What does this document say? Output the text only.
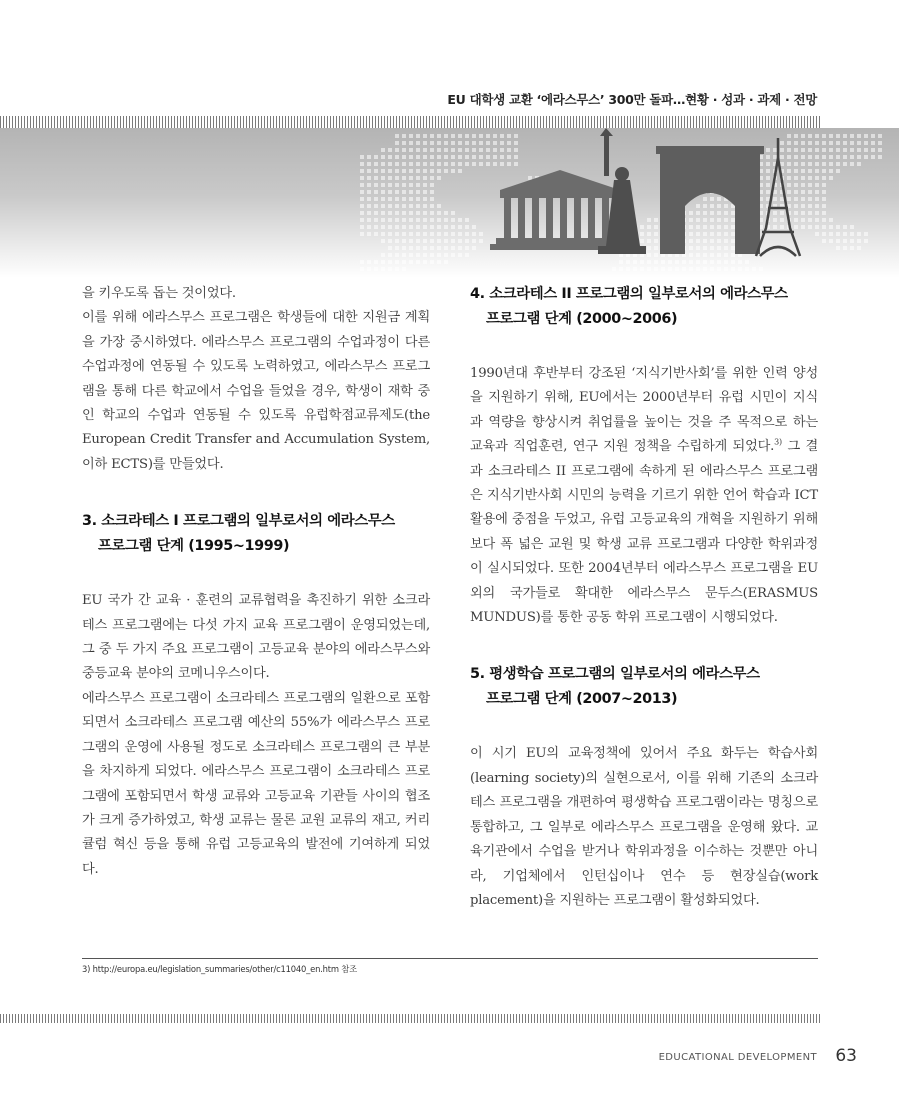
EU 대학생 교환 ‘에라스무스’ 300만 돌파…현황 · 성과 · 과제 · 전망

을 키우도록 돕는 것이었다.

이를 위해 에라스무스 프로그램은 학생들에 대한 지원금 계획을 가장 중시하였다. 에라스무스 프로그램의 수업과정이 다른 수업과정에 연동될 수 있도록 노력하였고, 에라스무스 프로그램을 통해 다른 학교에서 수업을 들었을 경우, 학생이 재학 중인 학교의 수업과 연동될 수 있도록 유럽학점교류제도(the European Credit Transfer and Accumulation System, 이하 ECTS)를 만들었다.

3. 소크라테스 I 프로그램의 일부로서의 에라스무스
프로그램 단계 (1995~1999)

EU 국가 간 교육 · 훈련의 교류협력을 촉진하기 위한 소크라테스 프로그램에는 다섯 가지 교육 프로그램이 운영되었는데, 그 중 두 가지 주요 프로그램이 고등교육 분야의 에라스무스와 중등교육 분야의 코메니우스이다.

에라스무스 프로그램이 소크라테스 프로그램의 일환으로 포함되면서 소크라테스 프로그램 예산의 55%가 에라스무스 프로그램의 운영에 사용될 정도로 소크라테스 프로그램의 큰 부분을 차지하게 되었다. 에라스무스 프로그램이 소크라테스 프로그램에 포함되면서 학생 교류와 고등교육 기관들 사이의 협조가 크게 증가하였고, 학생 교류는 물론 교원 교류의 재고, 커리큘럼 혁신 등을 통해 유럽 고등교육의 발전에 기여하게 되었다.

4. 소크라테스 II 프로그램의 일부로서의 에라스무스
프로그램 단계 (2000~2006)

1990년대 후반부터 강조된 ‘지식기반사회’를 위한 인력 양성을 지원하기 위해, EU에서는 2000년부터 유럽 시민이 지식과 역량을 향상시켜 취업률을 높이는 것을 주 목적으로 하는 교육과 직업훈련, 연구 지원 정책을 수립하게 되었다.$^{3)}$ 그 결과 소크라테스 II 프로그램에 속하게 된 에라스무스 프로그램은 지식기반사회 시민의 능력을 기르기 위한 언어 학습과 ICT 활용에 중점을 두었고, 유럽 고등교육의 개혁을 지원하기 위해 보다 폭 넓은 교원 및 학생 교류 프로그램과 다양한 학위과정이 실시되었다. 또한 2004년부터 에라스무스 프로그램을 EU 외의 국가들로 확대한 에라스무스 문두스(ERASMUS MUNDUS)를 통한 공동 학위 프로그램이 시행되었다.

5. 평생학습 프로그램의 일부로서의 에라스무스
프로그램 단계 (2007~2013)

이 시기 EU의 교육정책에 있어서 주요 화두는 학습사회(learning society)의 실현으로서, 이를 위해 기존의 소크라테스 프로그램을 개편하여 평생학습 프로그램이라는 명칭으로 통합하고, 그 일부로 에라스무스 프로그램을 운영해 왔다. 교육기관에서 수업을 받거나 학위과정을 이수하는 것뿐만 아니라, 기업체에서 인턴십이나 연수 등 현장실습(work placement)을 지원하는 프로그램이 활성화되었다.

3) http://europa.eu/legislation_summaries/other/c11040_en.htm 참조
EDUCATIONAL DEVELOPMENT 63
